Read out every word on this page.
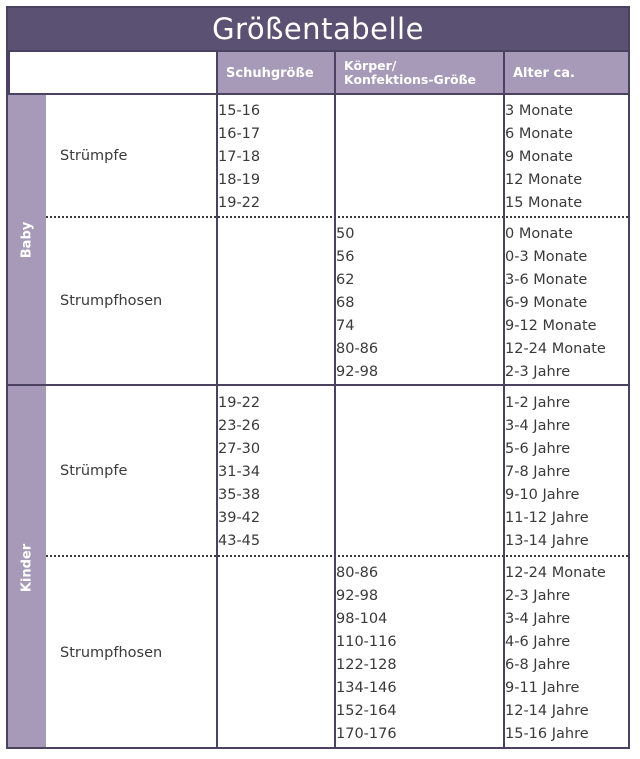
Größentabelle
Schuhgröße	Körper/
Konfektions-Größe	Alter ca.
Baby
Strümpfe
15-16
16-17
17-18
18-19
19-22
3 Monate
6 Monate
9 Monate
12 Monate
15 Monate
Strumpfhosen
50
56
62
68
74
80-86
92-98
0 Monate
0-3 Monate
3-6 Monate
6-9 Monate
9-12 Monate
12-24 Monate
2-3 Jahre
Kinder
Strümpfe
19-22
23-26
27-30
31-34
35-38
39-42
43-45
1-2 Jahre
3-4 Jahre
5-6 Jahre
7-8 Jahre
9-10 Jahre
11-12 Jahre
13-14 Jahre
Strumpfhosen
80-86
92-98
98-104
110-116
122-128
134-146
152-164
170-176
12-24 Monate
2-3 Jahre
3-4 Jahre
4-6 Jahre
6-8 Jahre
9-11 Jahre
12-14 Jahre
15-16 Jahre
